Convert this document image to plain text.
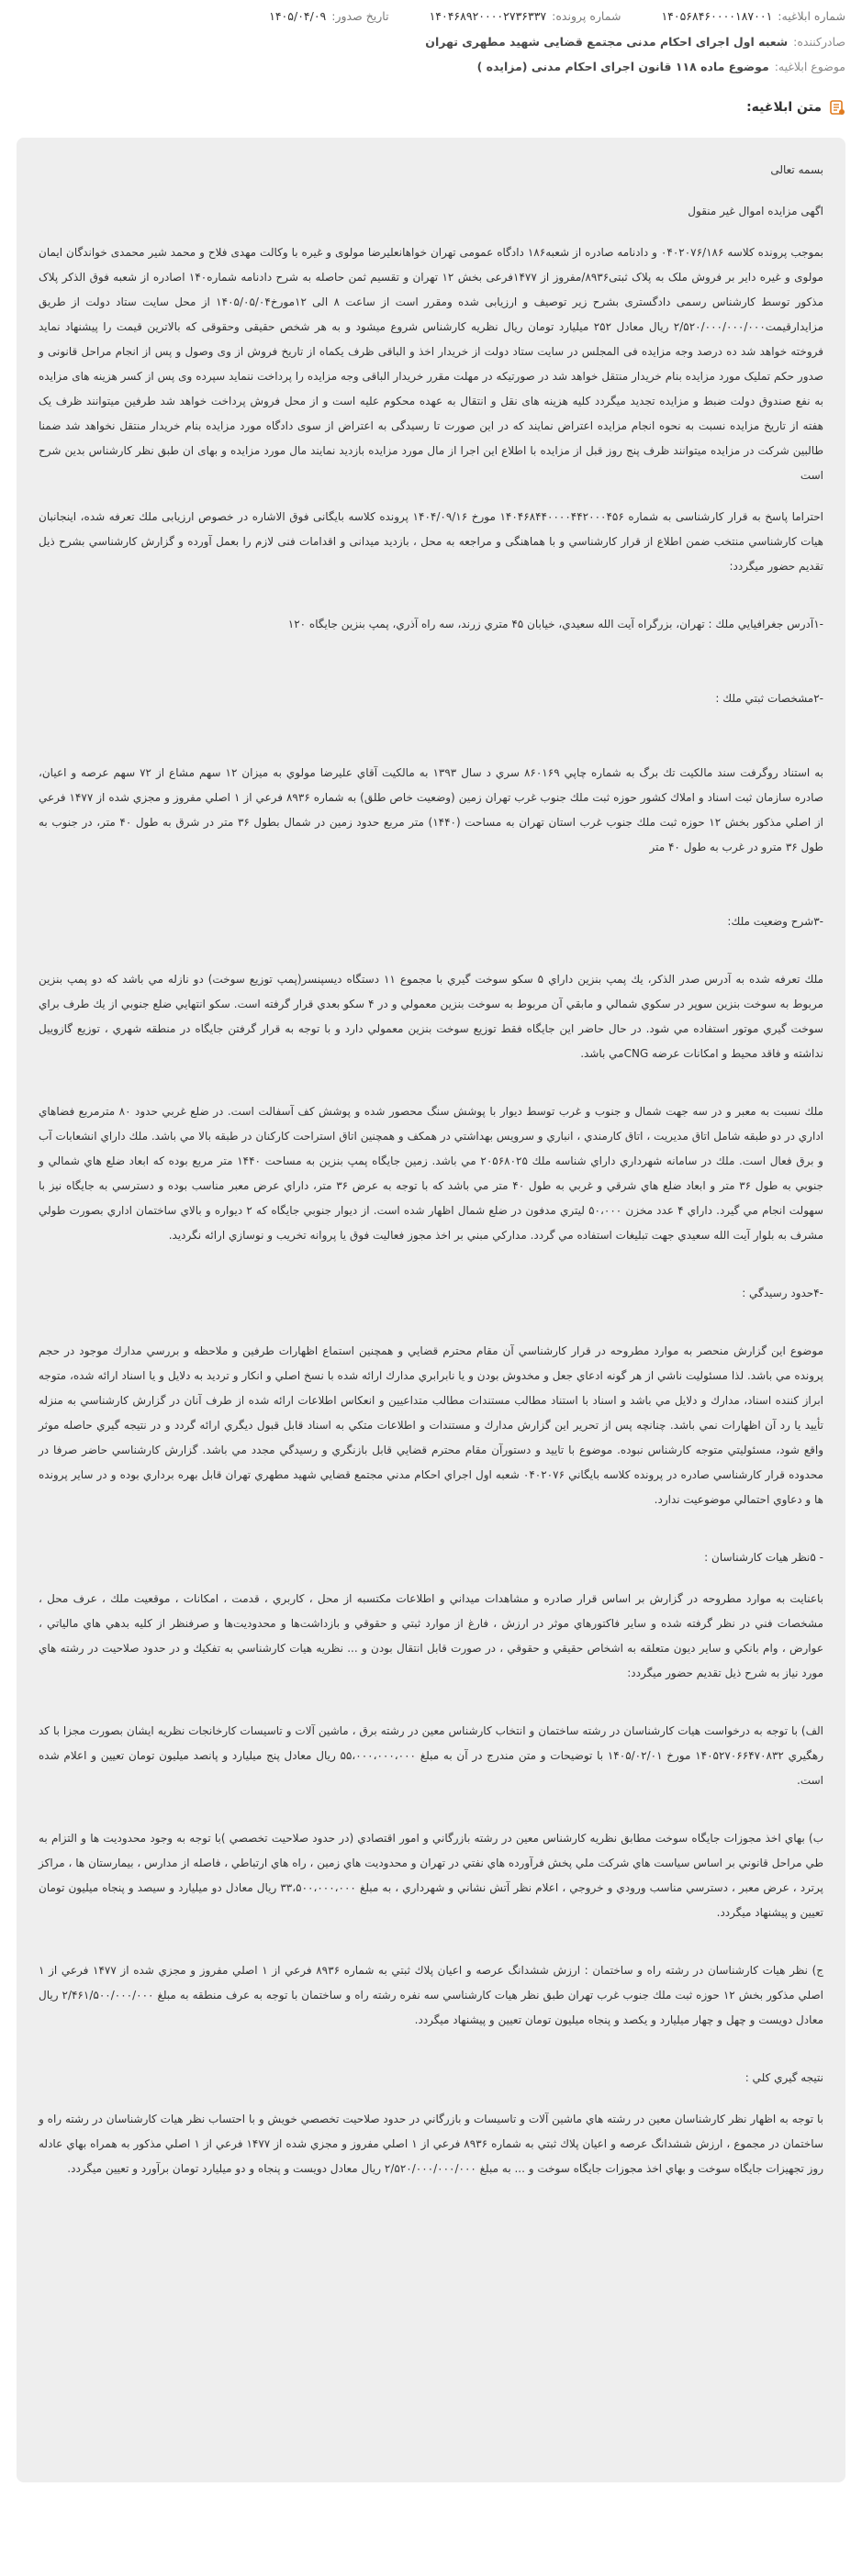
شماره ابلاغیه:۱۴۰۵۶۸۴۶۰۰۰۰۱۸۷۰۰۱
شماره پرونده:۱۴۰۴۶۸۹۲۰۰۰۰۲۷۳۶۳۳۷
تاریخ صدور:۱۴۰۵/۰۴/۰۹
صادرکننده:شعبه اول اجرای احکام مدنی مجتمع قضایی شهید مطهری تهران
موضوع ابلاغیه:موضوع ماده ۱۱۸ قانون اجرای احکام مدنی (مزایده )
متن ابلاغیه:

بسمه تعالی

اگهی مزایده اموال غیر منقول

بموجب پرونده کلاسه ۰۴۰۲۰۷۶/۱۸۶ و دادنامه صادره از شعبه۱۸۶ دادگاه عمومی تهران خواهانعلیرضا مولوی و غیره با وکالت مهدی فلاح و محمد شیر محمدی خواندگان ایمان مولوی و غیره دایر بر فروش ملک به پلاک ثبتی۸۹۳۶/مفروز از ۱۴۷۷فرعی بخش ۱۲ تهران و تقسیم ثمن حاصله به شرح دادنامه شماره۱۴۰ اصادره از شعبه فوق الذکر پلاک مذکور توسط کارشناس رسمی دادگستری بشرح زیر توصیف و ارزیابی شده ومقرر است از ساعت ۸ الی ۱۲مورخ۱۴۰۵/۰۵/۰۴ از محل سایت ستاد دولت از طریق مزایدارقیمت۲/۵۲۰/۰۰۰/۰۰۰/۰۰۰ ریال معادل ۲۵۲ میلیارد تومان ریال نظریه کارشناس شروع میشود و به هر شخص حقیقی وحقوقی که بالاترین قیمت را پیشنهاد نماید فروخته خواهد شد ده درصد وجه مزایده فی المجلس در سایت ستاد دولت از خریدار اخذ و الباقی ظرف یکماه از تاریخ فروش از وی وصول و پس از انجام مراحل قانونی و صدور حکم تملیک مورد مزایده بنام خریدار منتقل خواهد شد در صورتیکه در مهلت مقرر خریدار الباقی وجه مزایده را پرداخت ننماید سپرده وی پس از کسر هزینه های مزایده به نفع صندوق دولت ضبط و مزایده تجدید میگردد کلیه هزینه های نقل و انتقال به عهده محکوم علیه است و از محل فروش پرداخت خواهد شد طرفین میتوانند ظرف یک هفته از تاریخ مزایده نسبت به نحوه انجام مزایده اعتراض نمایند که در این صورت تا رسیدگی به اعتراض از سوی دادگاه مورد مزایده بنام خریدار منتقل نخواهد شد ضمنا طالبین شرکت در مزایده میتوانند ظرف پنج روز قبل از مزایده با اطلاع این اجرا از مال مورد مزایده بازدید نمایند مال مورد مزایده و بهای ان طبق نظر کارشناس بدین شرح است

احتراما پاسخ به قرار کارشناسی به شماره ۱۴۰۴۶۸۴۴۰۰۰۰۴۴۲۰۰۰۴۵۶ مورخ ۱۴۰۴/۰۹/۱۶ پرونده کلاسه بایگانی فوق الاشاره در خصوص ارزیابی ملك تعرفه شده، اینجانبان هیات کارشناسي منتخب ضمن اطلاع از قرار کارشناسي و با هماهنگی و مراجعه به محل ، بازدید میدانی و اقدامات فنی لازم را بعمل آورده و گزارش کارشناسي بشرح ذیل تقدیم حضور میگردد:

-۱آدرس جغرافيايي ملك : تهران، بزرگراه آيت الله سعيدي، خيابان ۴۵ متري زرند، سه راه آذري، پمپ بنزين جايگاه ۱۲۰

-۲مشخصات ثبتي ملك :

به استناد روگرفت سند مالکیت تك برگ به شماره چاپي ۸۶۰۱۶۹ سري د سال ۱۳۹۳ به مالکیت آقاي عليرضا مولوي به ميزان ۱۲ سهم مشاع از ۷۲ سهم عرصه و اعيان، صادره سازمان ثبت اسناد و املاك کشور حوزه ثبت ملك جنوب غرب تهران زمين (وضعيت خاص طلق) به شماره ۸۹۳۶ فرعي از ۱ اصلي مفروز و مجزي شده از ۱۴۷۷ فرعي از اصلي مذکور بخش ۱۲ حوزه ثبت ملك جنوب غرب استان تهران به مساحت (۱۴۴۰) متر مربع حدود زمين در شمال بطول ۳۶ متر در شرق به طول ۴۰ متر، در جنوب به طول ۳۶ مترو در غرب به طول ۴۰ متر

-۳شرح وضعيت ملك:

ملك تعرفه شده به آدرس صدر الذکر، يك پمپ بنزين داراي ۵ سکو سوخت گيري با مجموع ۱۱ دستگاه ديسپنسر(پمپ توزيع سوخت) دو نازله مي باشد که دو پمپ بنزين مربوط به سوخت بنزين سوپر در سکوي شمالي و مابقي آن مربوط به سوخت بنزين معمولي و در ۴ سکو بعدي قرار گرفته است. سکو انتهايي ضلع جنوبي از يك طرف براي سوخت گيري موتور استفاده مي شود. در حال حاضر اين جايگاه فقط توزيع سوخت بنزين معمولي دارد و با توجه به قرار گرفتن جايگاه در منطقه شهري ، توزيع گازوييل نداشته و فاقد محيط و امکانات عرضه CNGمي باشد.

ملك نسبت به معبر و در سه جهت شمال و جنوب و غرب توسط ديوار با پوشش سنگ محصور شده و پوشش کف آسفالت است. در ضلع غربي حدود ۸۰ مترمربع فضاهاي اداري در دو طبقه شامل اتاق مديريت ، اتاق کارمندي ، انباري و سرويس بهداشتي در همکف و همچنين اتاق استراحت کارکنان در طبقه بالا مي باشد. ملك داراي انشعابات آب و برق فعال است. ملك در سامانه شهرداري داراي شناسه ملك ۲۰۵۶۸۰۲۵ مي باشد. زمين جايگاه پمپ بنزين به مساحت ۱۴۴۰ متر مربع بوده که ابعاد ضلع هاي شمالي و جنوبي به طول ۳۶ متر و ابعاد ضلع هاي شرقي و غربي به طول ۴۰ متر مي باشد که با توجه به عرض ۳۶ متر، داراي عرض معبر مناسب بوده و دسترسي به جايگاه نيز با سهولت انجام مي گيرد. داراي ۴ عدد مخزن ۵۰،۰۰۰ ليتري مدفون در ضلع شمال اظهار شده است. از ديوار جنوبي جايگاه که ۲ ديواره و بالاي ساختمان اداري بصورت طولي مشرف به بلوار آيت الله سعيدي جهت تبليغات استفاده مي گردد. مدارکي مبني بر اخذ مجوز فعاليت فوق يا پروانه تخريب و نوسازي ارائه نگرديد.

-۴حدود رسيدگي :

موضوع اين گزارش منحصر به موارد مطروحه در قرار کارشناسي آن مقام محترم قضايي و همچنين استماع اظهارات طرفين و ملاحظه و بررسي مدارك موجود در حجم پرونده مي باشد. لذا مسئوليت ناشي از هر گونه ادعاي جعل و مخدوش بودن و يا نابرابري مدارك ارائه شده با نسخ اصلي و انكار و ترديد به دلايل و يا اسناد ارائه شده، متوجه ابراز كننده اسناد، مدارك و دلايل مي باشد و اسناد با استناد مطالب مستندات مطالب متداعيين و انعكاس اطلاعات ارائه شده از طرف آنان در گزارش کارشناسي به منزله تأييد يا رد آن اظهارات نمي باشد. چنانچه پس از تحرير اين گزارش مدارك و مستندات و اطلاعات متکي به اسناد قابل قبول ديگري ارائه گردد و در نتيجه گيري حاصله موثر واقع شود، مسئوليتي متوجه کارشناس نبوده. موضوع با تاييد و دستورآن مقام محترم قضايي قابل بازنگري و رسيدگي مجدد مي باشد. گزارش کارشناسي حاضر صرفا در محدوده قرار کارشناسي صادره در پرونده کلاسه بايگاني ۰۴۰۲۰۷۶ شعبه اول اجراي احکام مدني مجتمع قضايي شهيد مطهري تهران قابل بهره برداري بوده و در ساير پرونده ها و دعاوي احتمالي موضوعيت ندارد.

- ۵نظر هيات کارشناسان :

باعنايت به موارد مطروحه در گزارش بر اساس قرار صادره و مشاهدات ميداني و اطلاعات مکتسبه از محل ، کاربري ، قدمت ، امکانات ، موقعيت ملك ، عرف محل ، مشخصات فني در نظر گرفته شده و ساير فاكتورهاي موثر در ارزش ، فارغ از موارد ثبتي و حقوقي و بازداشت‌ها و محدوديت‌ها و صرفنظر از كليه بدهي هاي مالياتي ، عوارض ، وام بانكي و ساير ديون متعلقه به اشخاص حقيقي و حقوقي ، در صورت قابل انتقال بودن و ... نظريه هيات کارشناسي به تفکيك و در حدود صلاحيت در رشته هاي مورد نياز به شرح ذيل تقديم حضور ميگردد:

الف) با توجه به درخواست هيات کارشناسان در رشته ساختمان و انتخاب کارشناس معين در رشته برق ، ماشين آلات و تاسيسات کارخانجات نظريه ايشان بصورت مجزا با كد رهگيري ۱۴۰۵۲۷۰۶۶۴۷۰۸۳۲ مورخ ۱۴۰۵/۰۲/۰۱ با توضيحات و متن مندرج در آن به مبلغ ۵۵،۰۰۰،۰۰۰،۰۰۰ ريال معادل پنج ميليارد و پانصد ميليون تومان تعيين و اعلام شده است.

ب) بهاي اخذ مجوزات جايگاه سوخت مطابق نظريه کارشناس معين در رشته بازرگاني و امور اقتصادي (در حدود صلاحيت تخصصي )با توجه به وجود محدوديت ها و التزام به طي مراحل قانوني بر اساس سياست هاي شرکت ملي پخش فرآورده هاي نفتي در تهران و محدوديت هاي زمين ، راه هاي ارتباطي ، فاصله از مدارس ، بيمارستان ها ، مراکز پرترد ، عرض معبر ، دسترسي مناسب ورودي و خروجي ، اعلام نظر آتش نشاني و شهرداري ، به مبلغ ۳۳،۵۰۰،۰۰۰،۰۰۰ ريال معادل دو ميليارد و سيصد و پنجاه ميليون تومان تعيين و پيشنهاد ميگردد.

ج) نظر هيات کارشناسان در رشته راه و ساختمان : ارزش ششدانگ عرصه و اعيان پلاك ثبتي به شماره ۸۹۳۶ فرعي از ۱ اصلي مفروز و مجزي شده از ۱۴۷۷ فرعي از ۱ اصلي مذکور بخش ۱۲ حوزه ثبت ملك جنوب غرب تهران طبق نظر هيات کارشناسي سه نفره رشته راه و ساختمان با توجه به عرف منطقه به مبلغ ۲/۴۶۱/۵۰۰/۰۰۰/۰۰۰ ريال معادل دويست و چهل و چهار ميليارد و يكصد و پنجاه ميليون تومان تعيين و پيشنهاد ميگردد.

نتيجه گيري کلي :

با توجه به اظهار نظر کارشناسان معين در رشته هاي ماشين آلات و تاسيسات و بازرگاني در حدود صلاحيت تخصصي خويش و با احتساب نظر هيات کارشناسان در رشته راه و ساختمان در مجموع ، ارزش ششدانگ عرصه و اعيان پلاك ثبتي به شماره ۸۹۳۶ فرعي از ۱ اصلي مفروز و مجزي شده از ۱۴۷۷ فرعي از ۱ اصلي مذکور به همراه بهاي عادله روز تجهيزات جايگاه سوخت و بهاي اخذ مجوزات جايگاه سوخت و ... به مبلغ ۲/۵۲۰/۰۰۰/۰۰۰/۰۰۰ ريال معادل دويست و پنجاه و دو ميليارد تومان برآورد و تعيين ميگردد.
